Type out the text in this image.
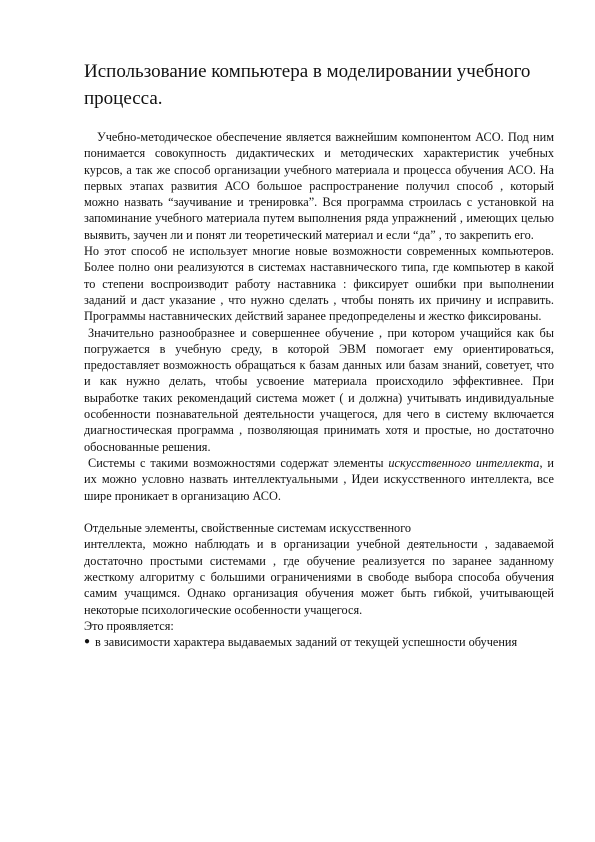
Использование компьютера в моделировании учебного процесса.

Учебно-методическое обеспечение является важнейшим компонентом АСО. Под ним понимается совокупность дидактических и методических характеристик учебных курсов, а так же способ организации учебного материала и процесса обучения АСО. На первых этапах развития АСО большое распространение получил способ , который можно назвать “заучивание и тренировка”. Вся программа строилась с установкой на запоминание учебного материала путем выполнения ряда упражнений , имеющих целью выявить, заучен ли и понят ли теоретический материал и если “да” , то закрепить его.

Но этот способ не использует многие новые возможности современных компьютеров. Более полно они реализуются в системах наставнического типа, где компьютер в какой то степени воспроизводит работу наставника : фиксирует ошибки при выполнении заданий и даст указание , что нужно сделать , чтобы понять их причину и исправить. Программы наставнических действий заранее предопределены и жестко фиксированы.

Значительно разнообразнее и совершеннее обучение , при котором учащийся как бы погружается в учебную среду, в которой ЭВМ помогает ему ориентироваться, предоставляет возможность обращаться к базам данных или базам знаний, советует, что и как нужно делать, чтобы усвоение материала происходило эффективнее. При выработке таких рекомендаций система может ( и должна) учитывать индивидуальные особенности познавательной деятельности учащегося, для чего в систему включается диагностическая программа , позволяющая принимать хотя и простые, но достаточно обоснованные решения.

Системы с такими возможностями содержат элементы искусственного интеллекта, и их можно условно назвать интеллектуальными , Идеи искусственного интеллекта, все шире проникает в организацию АСО.

Отдельные элементы, свойственные системам искусственного

интеллекта, можно наблюдать и в организации учебной деятельности , задаваемой достаточно простыми системами , где обучение реализуется по заранее заданному жесткому алгоритму с большими ограничениями в свободе выбора способа обучения самим учащимся. Однако организация обучения может быть гибкой, учитывающей некоторые психологические особенности учащегося.

Это проявляется:

● в зависимости характера выдаваемых заданий от текущей успешности обучения
